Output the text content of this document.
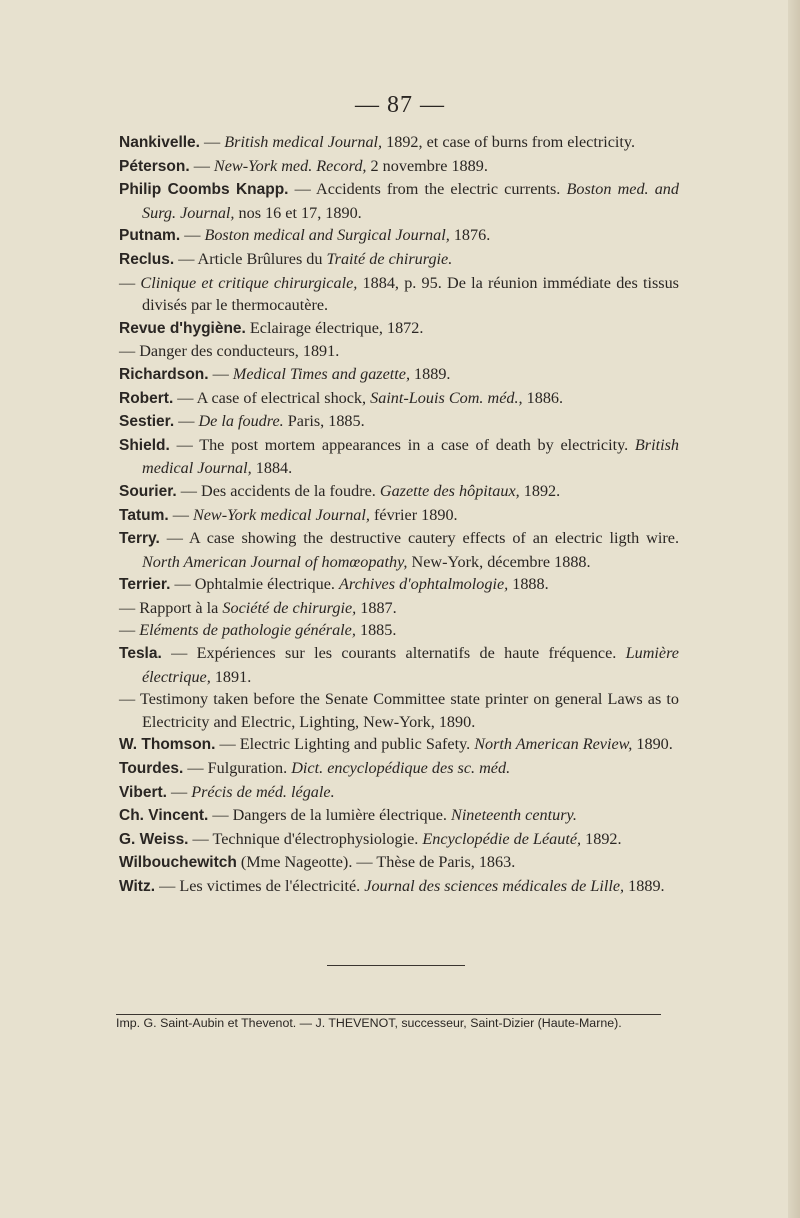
— 87 —
Nankivelle. — British medical Journal, 1892, et case of burns from electricity.
Péterson. — New-York med. Record, 2 novembre 1889.
Philip Coombs Knapp. — Accidents from the electric currents. Boston med. and Surg. Journal, nos 16 et 17, 1890.
Putnam. — Boston medical and Surgical Journal, 1876.
Reclus. — Article Brûlures du Traité de chirurgie.
— Clinique et critique chirurgicale, 1884, p. 95. De la réunion immédiate des tissus divisés par le thermocautère.
Revue d'hygiène. Eclairage électrique, 1872.
— Danger des conducteurs, 1891.
Richardson. — Medical Times and gazette, 1889.
Robert. — A case of electrical shock, Saint-Louis Com. méd., 1886.
Sestier. — De la foudre. Paris, 1885.
Shield. — The post mortem appearances in a case of death by electricity. British medical Journal, 1884.
Sourier. — Des accidents de la foudre. Gazette des hôpitaux, 1892.
Tatum. — New-York medical Journal, février 1890.
Terry. — A case showing the destructive cautery effects of an electric ligth wire. North American Journal of homœopathy, New-York, décembre 1888.
Terrier. — Ophtalmie électrique. Archives d'ophtalmologie, 1888.
— Rapport à la Société de chirurgie, 1887.
— Eléments de pathologie générale, 1885.
Tesla. — Expériences sur les courants alternatifs de haute fréquence. Lumière électrique, 1891.
— Testimony taken before the Senate Committee state printer on general Laws as to Electricity and Electric, Lighting, New-York, 1890.
W. Thomson. — Electric Lighting and public Safety. North American Review, 1890.
Tourdes. — Fulguration. Dict. encyclopédique des sc. méd.
Vibert. — Précis de méd. légale.
Ch. Vincent. — Dangers de la lumière électrique. Nineteenth century.
G. Weiss. — Technique d'électrophysiologie. Encyclopédie de Léauté, 1892.
Wilbouchewitch (Mme Nageotte). — Thèse de Paris, 1863.
Witz. — Les victimes de l'électricité. Journal des sciences médicales de Lille, 1889.
Imp. G. Saint-Aubin et Thevenot. — J. THEVENOT, successeur, Saint-Dizier (Haute-Marne).
